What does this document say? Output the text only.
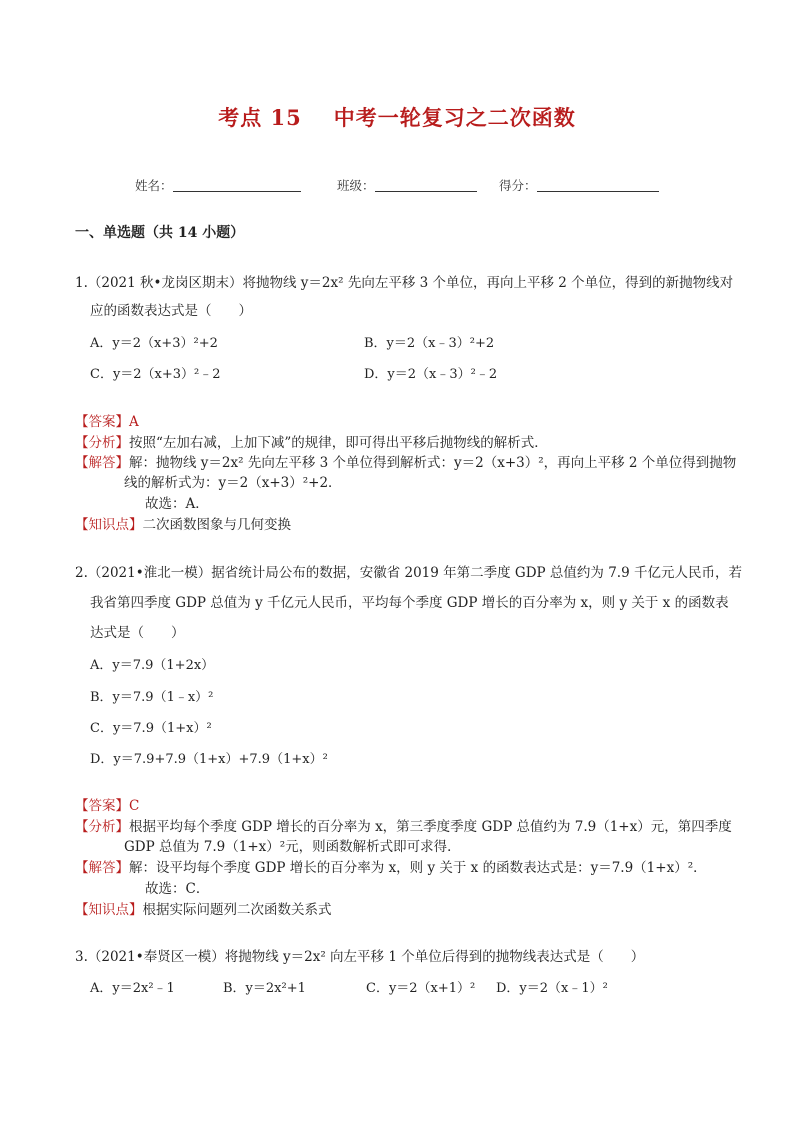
考点 15 中考一轮复习之二次函数
姓名：	班级：	得分：
一、单选题（共 14 小题）
1.（2021 秋•龙岗区期末）将抛物线 y＝2x² 先向左平移 3 个单位，再向上平移 2 个单位，得到的新抛物线对
应的函数表达式是（　　）
A．y＝2（x+3）²+2	B．y＝2（x﹣3）²+2
C．y＝2（x+3）²﹣2	D．y＝2（x﹣3）²﹣2
【答案】A
【分析】按照“左加右减，上加下减”的规律，即可得出平移后抛物线的解析式．
【解答】解：抛物线 y＝2x² 先向左平移 3 个单位得到解析式：y＝2（x+3）²，再向上平移 2 个单位得到抛物
线的解析式为：y＝2（x+3）²+2．
故选：A．
【知识点】二次函数图象与几何变换
2.（2021•淮北一模）据省统计局公布的数据，安徽省 2019 年第二季度 GDP 总值约为 7.9 千亿元人民币，若
我省第四季度 GDP 总值为 y 千亿元人民币，平均每个季度 GDP 增长的百分率为 x，则 y 关于 x 的函数表
达式是（　　）
A．y＝7.9（1+2x）
B．y＝7.9（1﹣x）²
C．y＝7.9（1+x）²
D．y＝7.9+7.9（1+x）+7.9（1+x）²
【答案】C
【分析】根据平均每个季度 GDP 增长的百分率为 x，第三季度季度 GDP 总值约为 7.9（1+x）元，第四季度
GDP 总值为 7.9（1+x）²元，则函数解析式即可求得．
【解答】解：设平均每个季度 GDP 增长的百分率为 x，则 y 关于 x 的函数表达式是：y＝7.9（1+x）²．
故选：C．
【知识点】根据实际问题列二次函数关系式
3.（2021•奉贤区一模）将抛物线 y＝2x² 向左平移 1 个单位后得到的抛物线表达式是（　　）
A．y＝2x²﹣1	B．y＝2x²+1	C．y＝2（x+1）² D．y＝2（x﹣1）²
